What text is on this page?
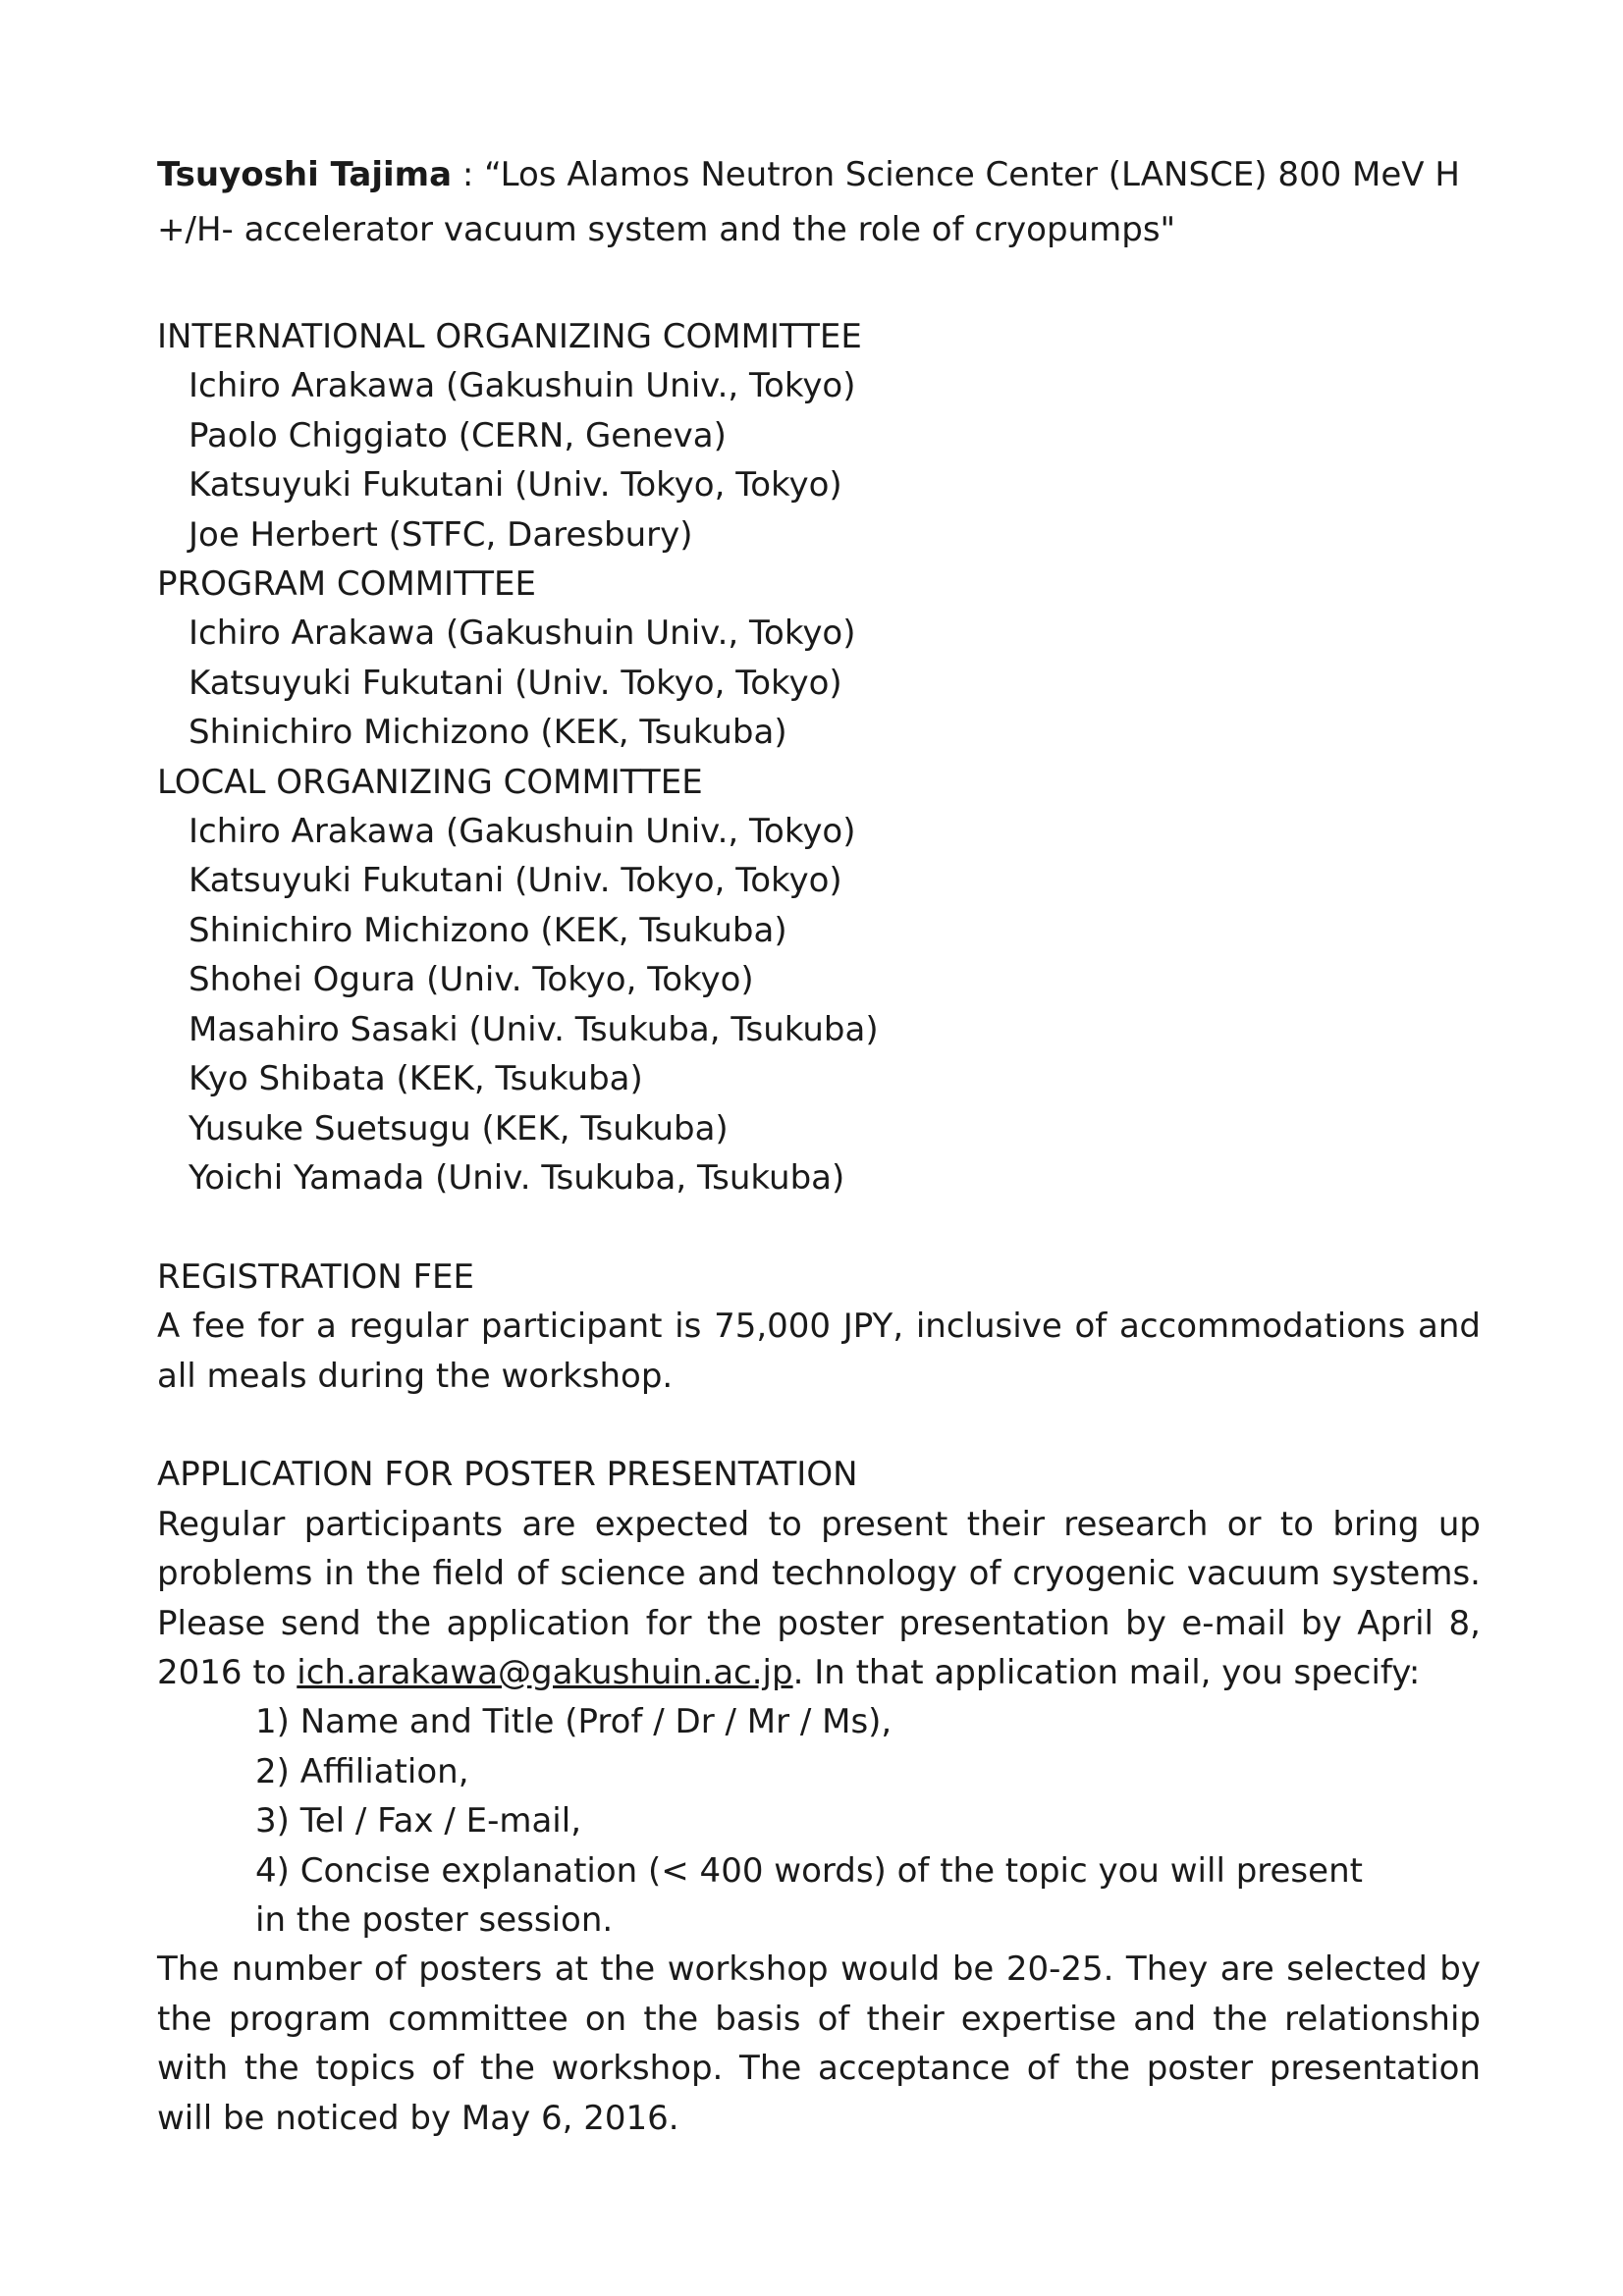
Tsuyoshi Tajima : “Los Alamos Neutron Science Center (LANSCE) 800 MeV H +/H- accelerator vacuum system and the role of cryopumps"

INTERNATIONAL ORGANIZING COMMITTEE
Ichiro Arakawa (Gakushuin Univ., Tokyo)
Paolo Chiggiato (CERN, Geneva)
Katsuyuki Fukutani (Univ. Tokyo, Tokyo)
Joe Herbert (STFC, Daresbury)
PROGRAM COMMITTEE
Ichiro Arakawa (Gakushuin Univ., Tokyo)
Katsuyuki Fukutani (Univ. Tokyo, Tokyo)
Shinichiro Michizono (KEK, Tsukuba)
LOCAL ORGANIZING COMMITTEE
Ichiro Arakawa (Gakushuin Univ., Tokyo)
Katsuyuki Fukutani (Univ. Tokyo, Tokyo)
Shinichiro Michizono (KEK, Tsukuba)
Shohei Ogura (Univ. Tokyo, Tokyo)
Masahiro Sasaki (Univ. Tsukuba, Tsukuba)
Kyo Shibata (KEK, Tsukuba)
Yusuke Suetsugu (KEK, Tsukuba)
Yoichi Yamada (Univ. Tsukuba, Tsukuba)
REGISTRATION FEE
A fee for a regular participant is 75,000 JPY, inclusive of accommodations and all meals during the workshop.
APPLICATION FOR POSTER PRESENTATION
Regular participants are expected to present their research or to bring up problems in the field of science and technology of cryogenic vacuum systems. Please send the application for the poster presentation by e-mail by April 8, 2016 to ich.arakawa@gakushuin.ac.jp. In that application mail, you specify:
1) Name and Title (Prof / Dr / Mr / Ms),
2) Affiliation,
3) Tel / Fax / E-mail,
4) Concise explanation (< 400 words) of the topic you will present
in the poster session.
The number of posters at the workshop would be 20-25. They are selected by the program committee on the basis of their expertise and the relationship with the topics of the workshop. The acceptance of the poster presentation will be noticed by May 6, 2016.
